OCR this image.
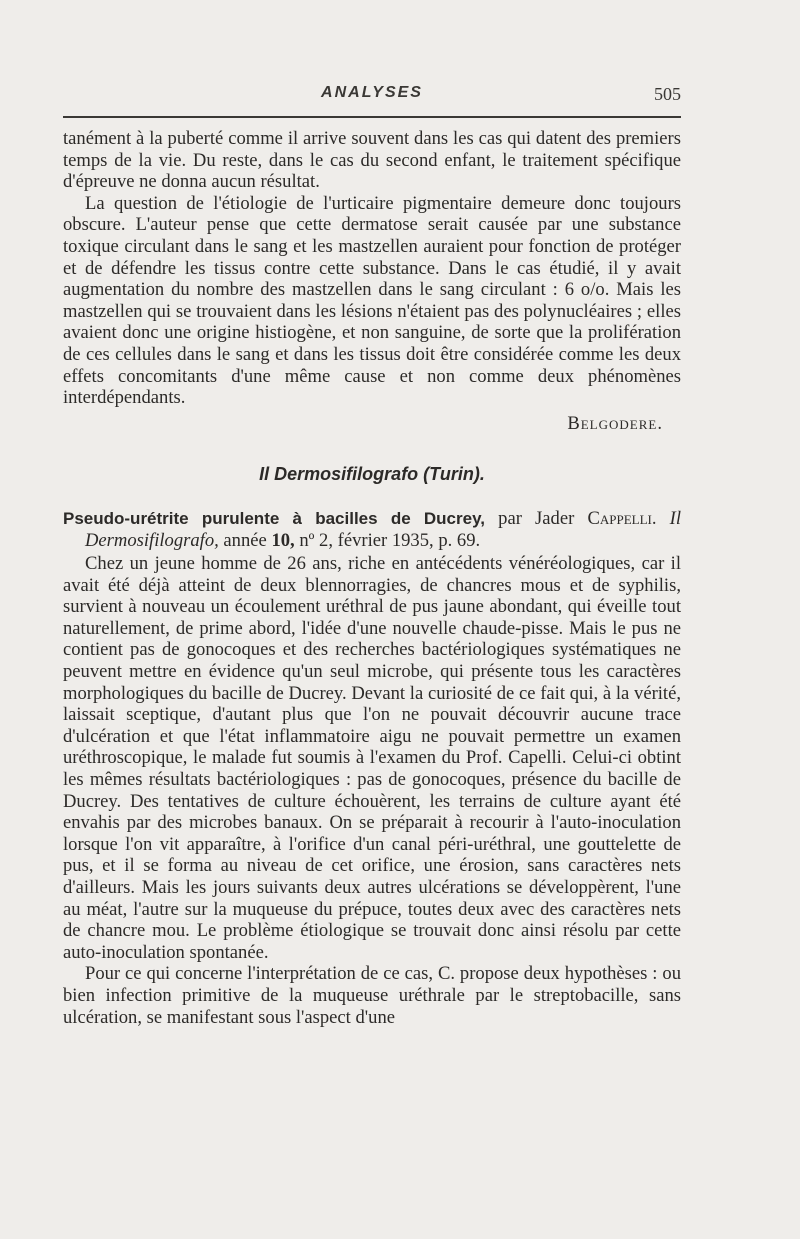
ANALYSES	505

tanément à la puberté comme il arrive souvent dans les cas qui datent des premiers temps de la vie. Du reste, dans le cas du second enfant, le traitement spécifique d'épreuve ne donna aucun résultat.

La question de l'étiologie de l'urticaire pigmentaire demeure donc toujours obscure. L'auteur pense que cette dermatose serait causée par une substance toxique circulant dans le sang et les mastzellen auraient pour fonction de protéger et de défendre les tissus contre cette substance. Dans le cas étudié, il y avait augmentation du nombre des mastzellen dans le sang circulant : 6 o/o. Mais les mastzellen qui se trouvaient dans les lésions n'étaient pas des polynucléaires ; elles avaient donc une origine histiogène, et non sanguine, de sorte que la prolifération de ces cellules dans le sang et dans les tissus doit être considérée comme les deux effets concomitants d'une même cause et non comme deux phénomènes interdépendants.

Belgodere.
Il Dermosifilografo (Turin).

Pseudo-urétrite purulente à bacilles de Ducrey, par Jader Cappelli. Il Dermosifilografo, année 10, nº 2, février 1935, p. 69.

Chez un jeune homme de 26 ans, riche en antécédents vénéréologiques, car il avait été déjà atteint de deux blennorragies, de chancres mous et de syphilis, survient à nouveau un écoulement uréthral de pus jaune abondant, qui éveille tout naturellement, de prime abord, l'idée d'une nouvelle chaude-pisse. Mais le pus ne contient pas de gonocoques et des recherches bactériologiques systématiques ne peuvent mettre en évidence qu'un seul microbe, qui présente tous les caractères morphologiques du bacille de Ducrey. Devant la curiosité de ce fait qui, à la vérité, laissait sceptique, d'autant plus que l'on ne pouvait découvrir aucune trace d'ulcération et que l'état inflammatoire aigu ne pouvait permettre un examen uréthroscopique, le malade fut soumis à l'examen du Prof. Capelli. Celui-ci obtint les mêmes résultats bactériologiques : pas de gonocoques, présence du bacille de Ducrey. Des tentatives de culture échouèrent, les terrains de culture ayant été envahis par des microbes banaux. On se préparait à recourir à l'auto-inoculation lorsque l'on vit apparaître, à l'orifice d'un canal péri-uréthral, une gouttelette de pus, et il se forma au niveau de cet orifice, une érosion, sans caractères nets d'ailleurs. Mais les jours suivants deux autres ulcérations se développèrent, l'une au méat, l'autre sur la muqueuse du prépuce, toutes deux avec des caractères nets de chancre mou. Le problème étiologique se trouvait donc ainsi résolu par cette auto-inoculation spontanée.

Pour ce qui concerne l'interprétation de ce cas, C. propose deux hypothèses : ou bien infection primitive de la muqueuse uréthrale par le streptobacille, sans ulcération, se manifestant sous l'aspect d'une
